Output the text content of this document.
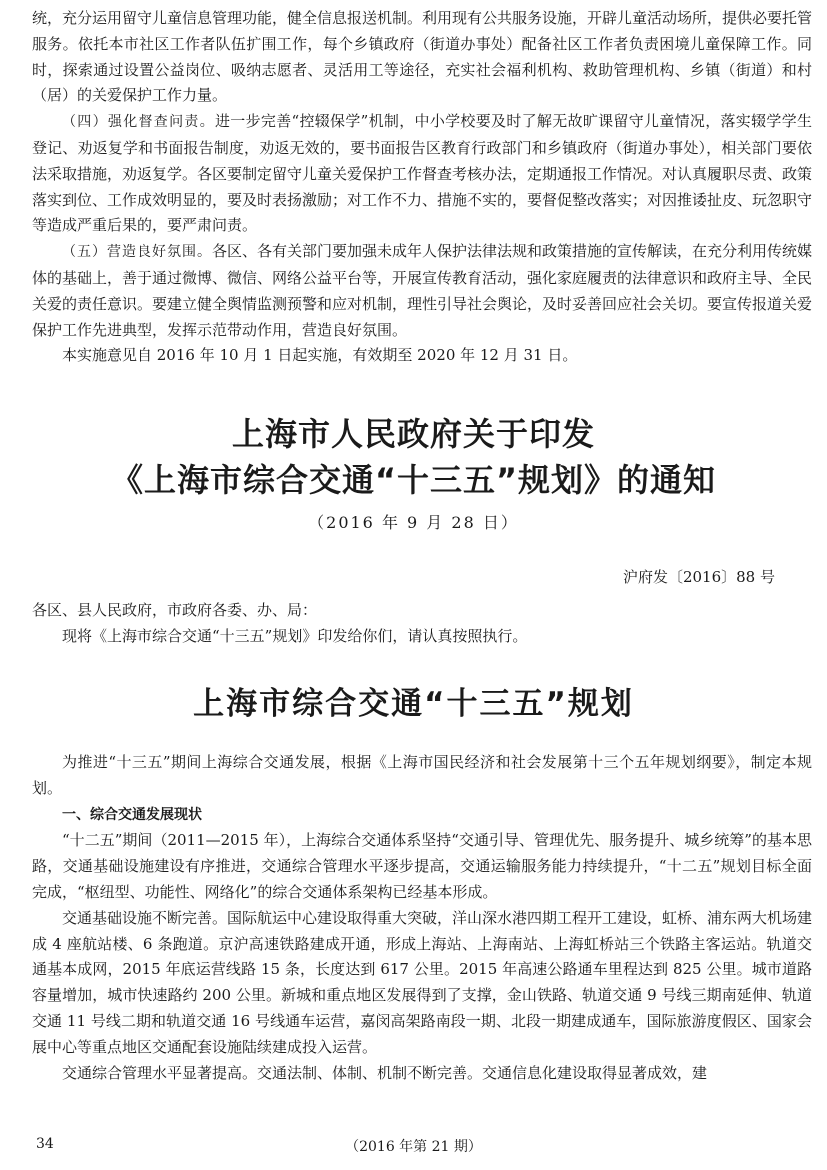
统，充分运用留守儿童信息管理功能，健全信息报送机制。利用现有公共服务设施，开辟儿童活动场所，提供必要托管服务。依托本市社区工作者队伍扩围工作，每个乡镇政府（街道办事处）配备社区工作者负责困境儿童保障工作。同时，探索通过设置公益岗位、吸纳志愿者、灵活用工等途径，充实社会福利机构、救助管理机构、乡镇（街道）和村（居）的关爱保护工作力量。

（四）强化督查问责。进一步完善“控辍保学”机制，中小学校要及时了解无故旷课留守儿童情况，落实辍学学生登记、劝返复学和书面报告制度，劝返无效的，要书面报告区教育行政部门和乡镇政府（街道办事处），相关部门要依法采取措施，劝返复学。各区要制定留守儿童关爱保护工作督查考核办法，定期通报工作情况。对认真履职尽责、政策落实到位、工作成效明显的，要及时表扬激励；对工作不力、措施不实的，要督促整改落实；对因推诿扯皮、玩忽职守等造成严重后果的，要严肃问责。

（五）营造良好氛围。各区、各有关部门要加强未成年人保护法律法规和政策措施的宣传解读，在充分利用传统媒体的基础上，善于通过微博、微信、网络公益平台等，开展宣传教育活动，强化家庭履责的法律意识和政府主导、全民关爱的责任意识。要建立健全舆情监测预警和应对机制，理性引导社会舆论，及时妥善回应社会关切。要宣传报道关爱保护工作先进典型，发挥示范带动作用，营造良好氛围。

本实施意见自 2016 年 10 月 1 日起实施，有效期至 2020 年 12 月 31 日。

上海市人民政府关于印发
《上海市综合交通“十三五”规划》的通知
（2016 年 9 月 28 日）
沪府发〔2016〕88 号

各区、县人民政府，市政府各委、办、局：

现将《上海市综合交通“十三五”规划》印发给你们，请认真按照执行。

上海市综合交通“十三五”规划

为推进“十三五”期间上海综合交通发展，根据《上海市国民经济和社会发展第十三个五年规划纲要》，制定本规划。

一、综合交通发展现状

“十二五”期间（2011—2015 年），上海综合交通体系坚持“交通引导、管理优先、服务提升、城乡统筹”的基本思路，交通基础设施建设有序推进，交通综合管理水平逐步提高，交通运输服务能力持续提升，“十二五”规划目标全面完成，“枢纽型、功能性、网络化”的综合交通体系架构已经基本形成。

交通基础设施不断完善。国际航运中心建设取得重大突破，洋山深水港四期工程开工建设，虹桥、浦东两大机场建成 4 座航站楼、6 条跑道。京沪高速铁路建成开通，形成上海站、上海南站、上海虹桥站三个铁路主客运站。轨道交通基本成网，2015 年底运营线路 15 条，长度达到 617 公里。2015 年高速公路通车里程达到 825 公里。城市道路容量增加，城市快速路约 200 公里。新城和重点地区发展得到了支撑，金山铁路、轨道交通 9 号线三期南延伸、轨道交通 11 号线二期和轨道交通 16 号线通车运营，嘉闵高架路南段一期、北段一期建成通车，国际旅游度假区、国家会展中心等重点地区交通配套设施陆续建成投入运营。

交通综合管理水平显著提高。交通法制、体制、机制不断完善。交通信息化建设取得显著成效，建

34	（2016 年第 21 期）
